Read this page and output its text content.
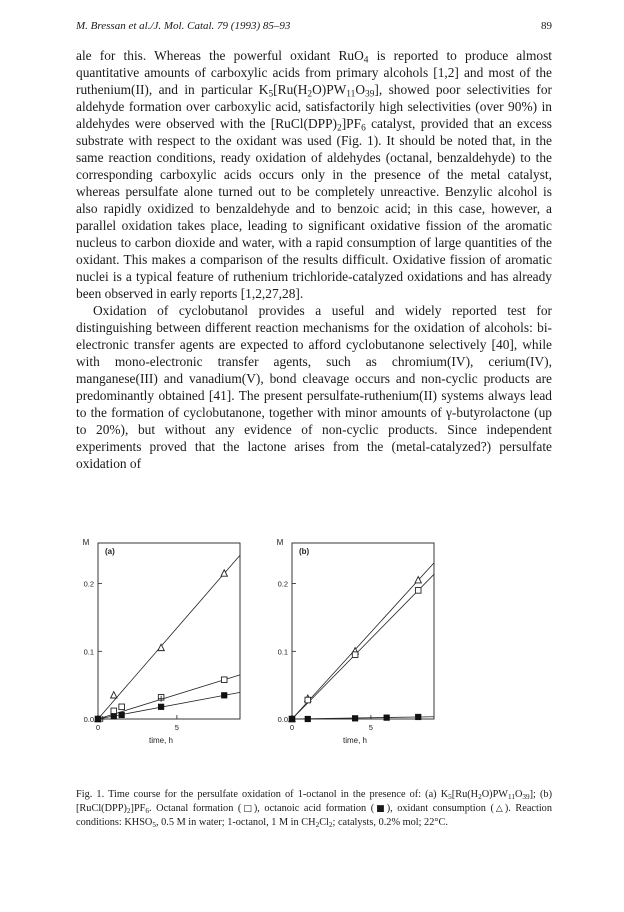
M. Bressan et al./J. Mol. Catal. 79 (1993) 85–93	89

ale for this. Whereas the powerful oxidant RuO$_4$ is reported to produce almost quantitative amounts of carboxylic acids from primary alcohols [1,2] and most of the ruthenium(II), and in particular $K_5[Ru(H_2O)PW_{11}O_{39}]$, showed poor selectivities for aldehyde formation over carboxylic acid, satisfactorily high selectivities (over 90%) in aldehydes were observed with the $[RuCl(DPP)_2]PF_6$ catalyst, provided that an excess substrate with respect to the oxidant was used (Fig. 1). It should be noted that, in the same reaction conditions, ready oxidation of aldehydes (octanal, benzaldehyde) to the corresponding carboxylic acids occurs only in the presence of the metal catalyst, whereas persulfate alone turned out to be completely unreactive. Benzylic alcohol is also rapidly oxidized to benzaldehyde and to benzoic acid; in this case, however, a parallel oxidation takes place, leading to significant oxidative fission of the aromatic nucleus to carbon dioxide and water, with a rapid consumption of large quantities of the oxidant. This makes a comparison of the results difficult. Oxidative fission of aromatic nuclei is a typical feature of ruthenium trichloride-catalyzed oxidations and has already been observed in early reports [1,2,27,28].

Oxidation of cyclobutanol provides a useful and widely reported test for distinguishing between different reaction mechanisms for the oxidation of alcohols: bi-electronic transfer agents are expected to afford cyclobutanone selectively [40], while with mono-electronic transfer agents, such as chromium(IV), cerium(IV), manganese(III) and vanadium(V), bond cleavage occurs and non-cyclic products are predominantly obtained [41]. The present persulfate-ruthenium(II) systems always lead to the formation of cyclobutanone, together with minor amounts of γ-butyrolactone (up to 20%), but without any evidence of non-cyclic products. Since independent experiments proved that the lactone arises from the (metal-catalyzed?) persulfate oxidation of

0.0
0.1
0.2
0	5
M
time, h
(a)
0.0
0.1
0.2
0	5
M
time, h
(b)

Fig. 1. Time course for the persulfate oxidation of 1-octanol in the presence of: (a) $K_5[Ru(H_2O)PW_{11}O_{39}]$; (b) $[RuCl(DPP)_2]PF_6$. Octanal formation (□), octanoic acid formation (■), oxidant consumption (△). Reaction conditions: $KHSO_5$, 0.5 M in water; 1-octanol, 1 M in $CH_2Cl_2$; catalysts, 0.2% mol; 22°C.
